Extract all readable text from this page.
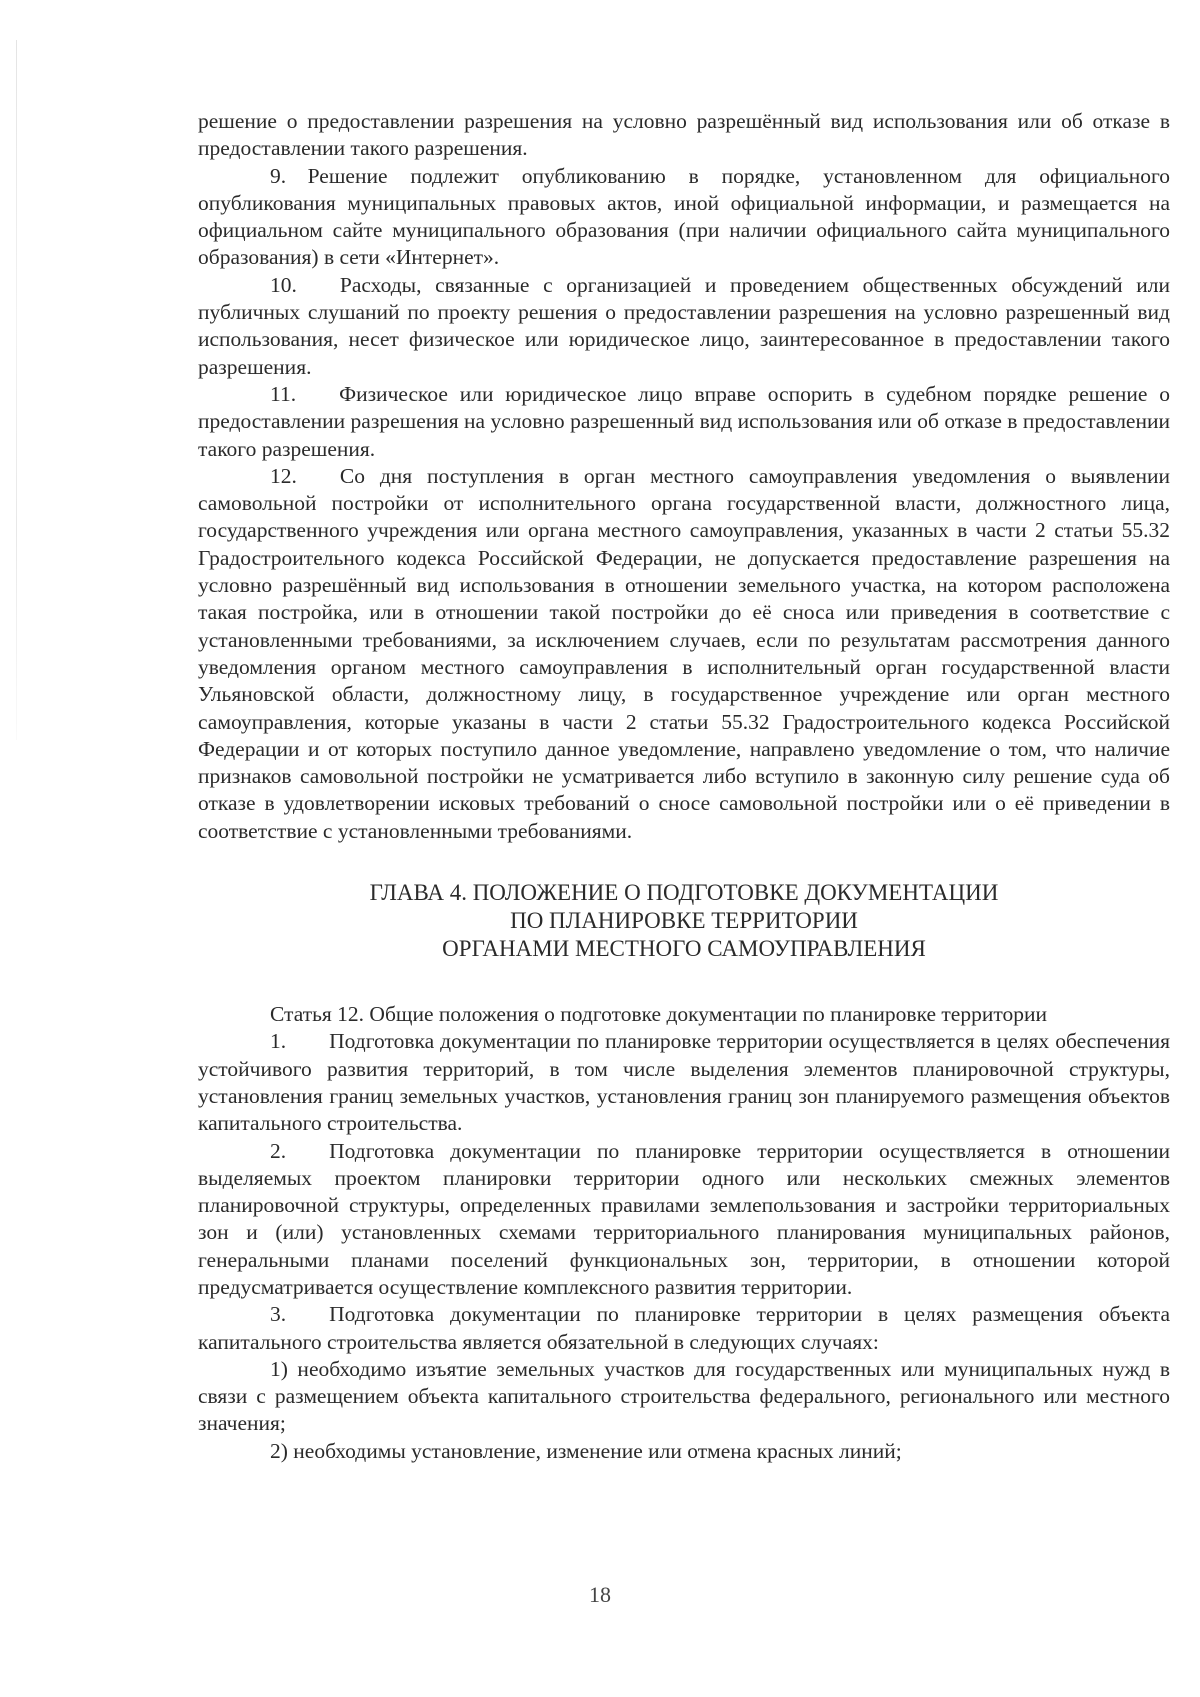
решение о предоставлении разрешения на условно разрешённый вид использования или об отказе в предоставлении такого разрешения.

9. Решение подлежит опубликованию в порядке, установленном для официального опубликования муниципальных правовых актов, иной официальной информации, и размещается на официальном сайте муниципального образования (при наличии официального сайта муниципального образования) в сети «Интернет».

10.  Расходы, связанные с организацией и проведением общественных обсуждений или публичных слушаний по проекту решения о предоставлении разрешения на условно разрешенный вид использования, несет физическое или юридическое лицо, заинтересованное в предоставлении такого разрешения.

11.  Физическое или юридическое лицо вправе оспорить в судебном порядке решение о предоставлении разрешения на условно разрешенный вид использования или об отказе в предоставлении такого разрешения.

12.  Со дня поступления в орган местного самоуправления уведомления о выявлении самовольной постройки от исполнительного органа государственной власти, должностного лица, государственного учреждения или органа местного самоуправления, указанных в части 2 статьи 55.32 Градостроительного кодекса Российской Федерации, не допускается предоставление разрешения на условно разрешённый вид использования в отношении земельного участка, на котором расположена такая постройка, или в отношении такой постройки до её сноса или приведения в соответствие с установленными требованиями, за исключением случаев, если по результатам рассмотрения данного уведомления органом местного самоуправления в исполнительный орган государственной власти Ульяновской области, должностному лицу, в государственное учреждение или орган местного самоуправления, которые указаны в части 2 статьи 55.32 Градостроительного кодекса Российской Федерации и от которых поступило данное уведомление, направлено уведомление о том, что наличие признаков самовольной постройки не усматривается либо вступило в законную силу решение суда об отказе в удовлетворении исковых требований о сносе самовольной постройки или о её приведении в соответствие с установленными требованиями.

ГЛАВА 4. ПОЛОЖЕНИЕ О ПОДГОТОВКЕ ДОКУМЕНТАЦИИ
ПО ПЛАНИРОВКЕ ТЕРРИТОРИИ
ОРГАНАМИ МЕСТНОГО САМОУПРАВЛЕНИЯ

Статья 12. Общие положения о подготовке документации по планировке территории

1.  Подготовка документации по планировке территории осуществляется в целях обеспечения устойчивого развития территорий, в том числе выделения элементов планировочной структуры, установления границ земельных участков, установления границ зон планируемого размещения объектов капитального строительства.

2.  Подготовка документации по планировке территории осуществляется в отношении выделяемых проектом планировки территории одного или нескольких смежных элементов планировочной структуры, определенных правилами землепользования и застройки территориальных зон и (или) установленных схемами территориального планирования муниципальных районов, генеральными планами поселений функциональных зон, территории, в отношении которой предусматривается осуществление комплексного развития территории.

3.  Подготовка документации по планировке территории в целях размещения объекта капитального строительства является обязательной в следующих случаях:

1) необходимо изъятие земельных участков для государственных или муниципальных нужд в связи с размещением объекта капитального строительства федерального, регионального или местного значения;

2) необходимы установление, изменение или отмена красных линий;

18
